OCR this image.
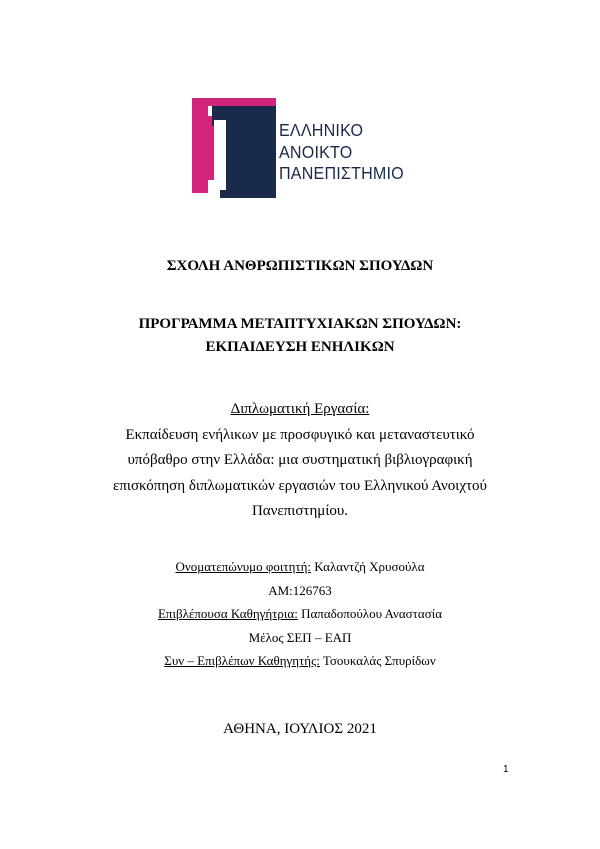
ΕΛΛΗΝΙΚΟ
ΑΝΟΙΚΤΟ
ΠΑΝΕΠΙΣΤΗΜΙΟ
ΣΧΟΛΗ ΑΝΘΡΩΠΙΣΤΙΚΩΝ ΣΠΟΥΔΩΝ
ΠΡΟΓΡΑΜΜΑ ΜΕΤΑΠΤΥΧΙΑΚΩΝ ΣΠΟΥΔΩΝ:
ΕΚΠΑΙΔΕΥΣΗ ΕΝΗΛΙΚΩΝ
Διπλωματική Εργασία:
Εκπαίδευση ενήλικων με προσφυγικό και μεταναστευτικό
υπόβαθρο στην Ελλάδα: μια συστηματική βιβλιογραφική
επισκόπηση διπλωματικών εργασιών του Ελληνικού Ανοιχτού
Πανεπιστημίου.
Ονοματεπώνυμο φοιτητή: Καλαντζή Χρυσούλα
ΑΜ:126763
Επιβλέπουσα Καθηγήτρια: Παπαδοπούλου Αναστασία
Μέλος ΣΕΠ – ΕΑΠ
Συν – Επιβλέπων Καθηγητής: Τσουκαλάς Σπυρίδων
ΑΘΗΝΑ, ΙΟΥΛΙΟΣ 2021
1
